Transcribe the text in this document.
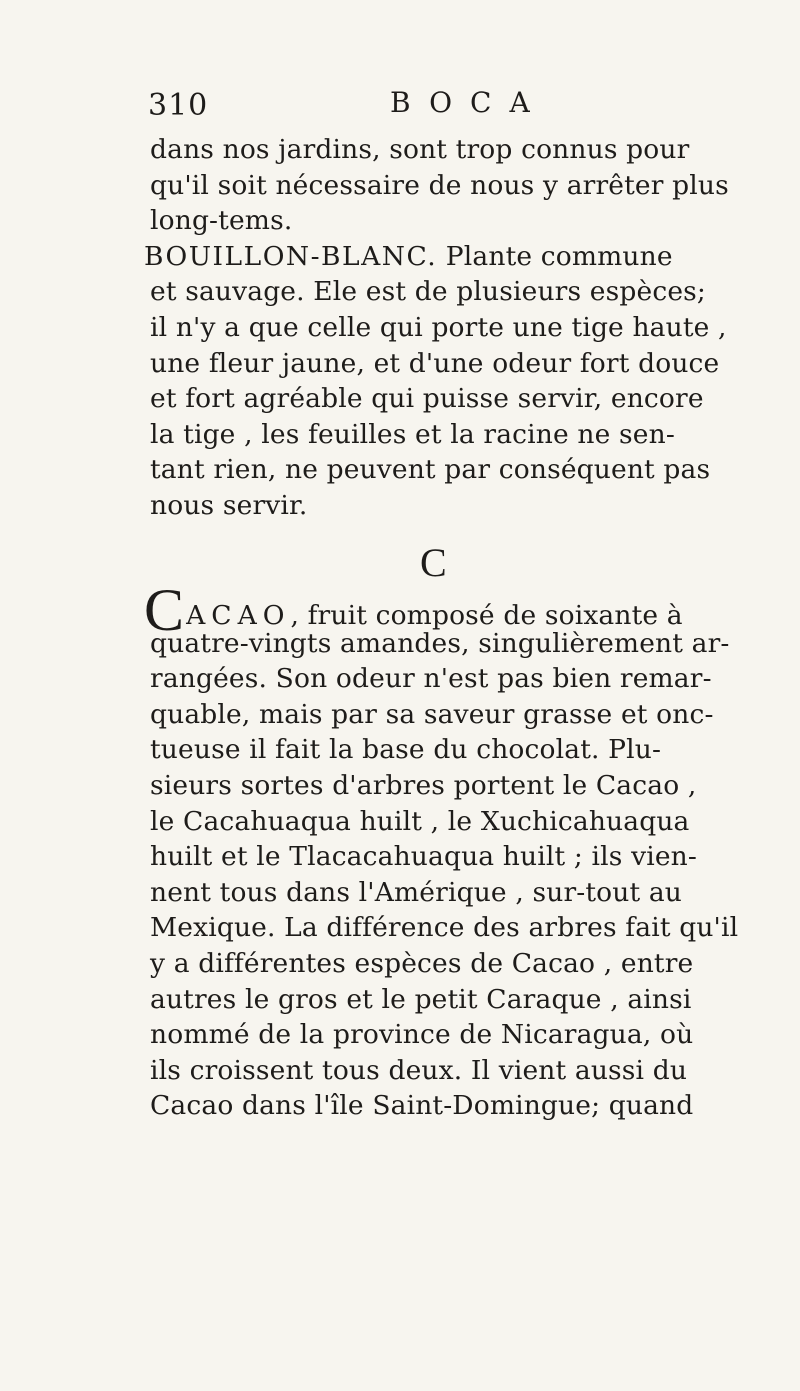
310	BOCA
dans nos jardins, sont trop connus pour
qu'il soit nécessaire de nous y arrêter plus
long-tems.
BOUILLON-BLANC. Plante commune
et sauvage. Ele est de plusieurs espèces;
il n'y a que celle qui porte une tige haute ,
une fleur jaune, et d'une odeur fort douce
et fort agréable qui puisse servir, encore
la tige , les feuilles et la racine ne sen-
tant rien, ne peuvent par conséquent pas
nous servir.
C
CACAO, fruit composé de soixante à
quatre-vingts amandes, singulièrement ar-
rangées. Son odeur n'est pas bien remar-
quable, mais par sa saveur grasse et onc-
tueuse il fait la base du chocolat. Plu-
sieurs sortes d'arbres portent le Cacao ,
le Cacahuaqua huilt , le Xuchicahuaqua
huilt et le Tlacacahuaqua huilt ; ils vien-
nent tous dans l'Amérique , sur-tout au
Mexique. La différence des arbres fait qu'il
y a différentes espèces de Cacao , entre
autres le gros et le petit Caraque , ainsi
nommé de la province de Nicaragua, où
ils croissent tous deux. Il vient aussi du
Cacao dans l'île Saint-Domingue; quand
